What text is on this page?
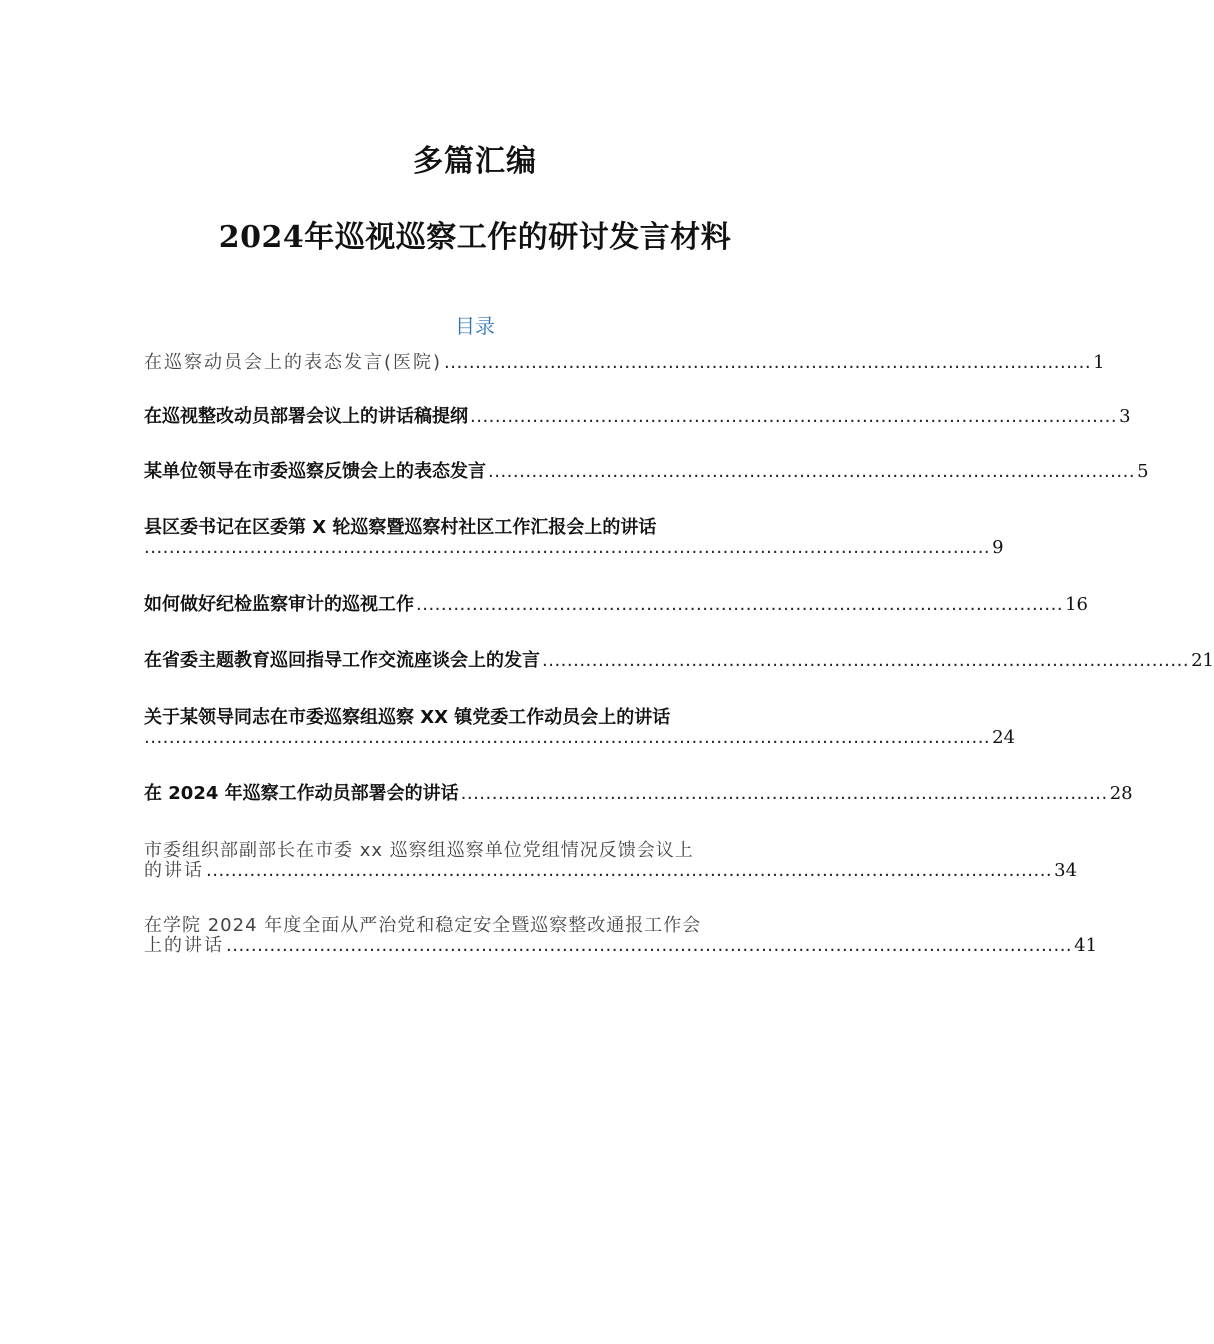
多篇汇编
2024年巡视巡察工作的研讨发言材料
目录
在巡察动员会上的表态发言(医院) ........................................................................................................ 1
在巡视整改动员部署会议上的讲话稿提纲 ........................................................................................................ 3
某单位领导在市委巡察反馈会上的表态发言 ........................................................................................................ 5
县区委书记在区委第 X 轮巡察暨巡察村社区工作汇报会上的讲话
........................................................................................................................................ 9
如何做好纪检监察审计的巡视工作 ........................................................................................................ 16
在省委主题教育巡回指导工作交流座谈会上的发言 ........................................................................................................ 21
关于某领导同志在市委巡察组巡察 XX 镇党委工作动员会上的讲话
........................................................................................................................................ 24
在 2024 年巡察工作动员部署会的讲话 ........................................................................................................ 28
市委组织部副部长在市委 xx 巡察组巡察单位党组情况反馈会议上
的讲话 ........................................................................................................................................ 34
在学院 2024 年度全面从严治党和稳定安全暨巡察整改通报工作会
上的讲话 ........................................................................................................................................ 41
